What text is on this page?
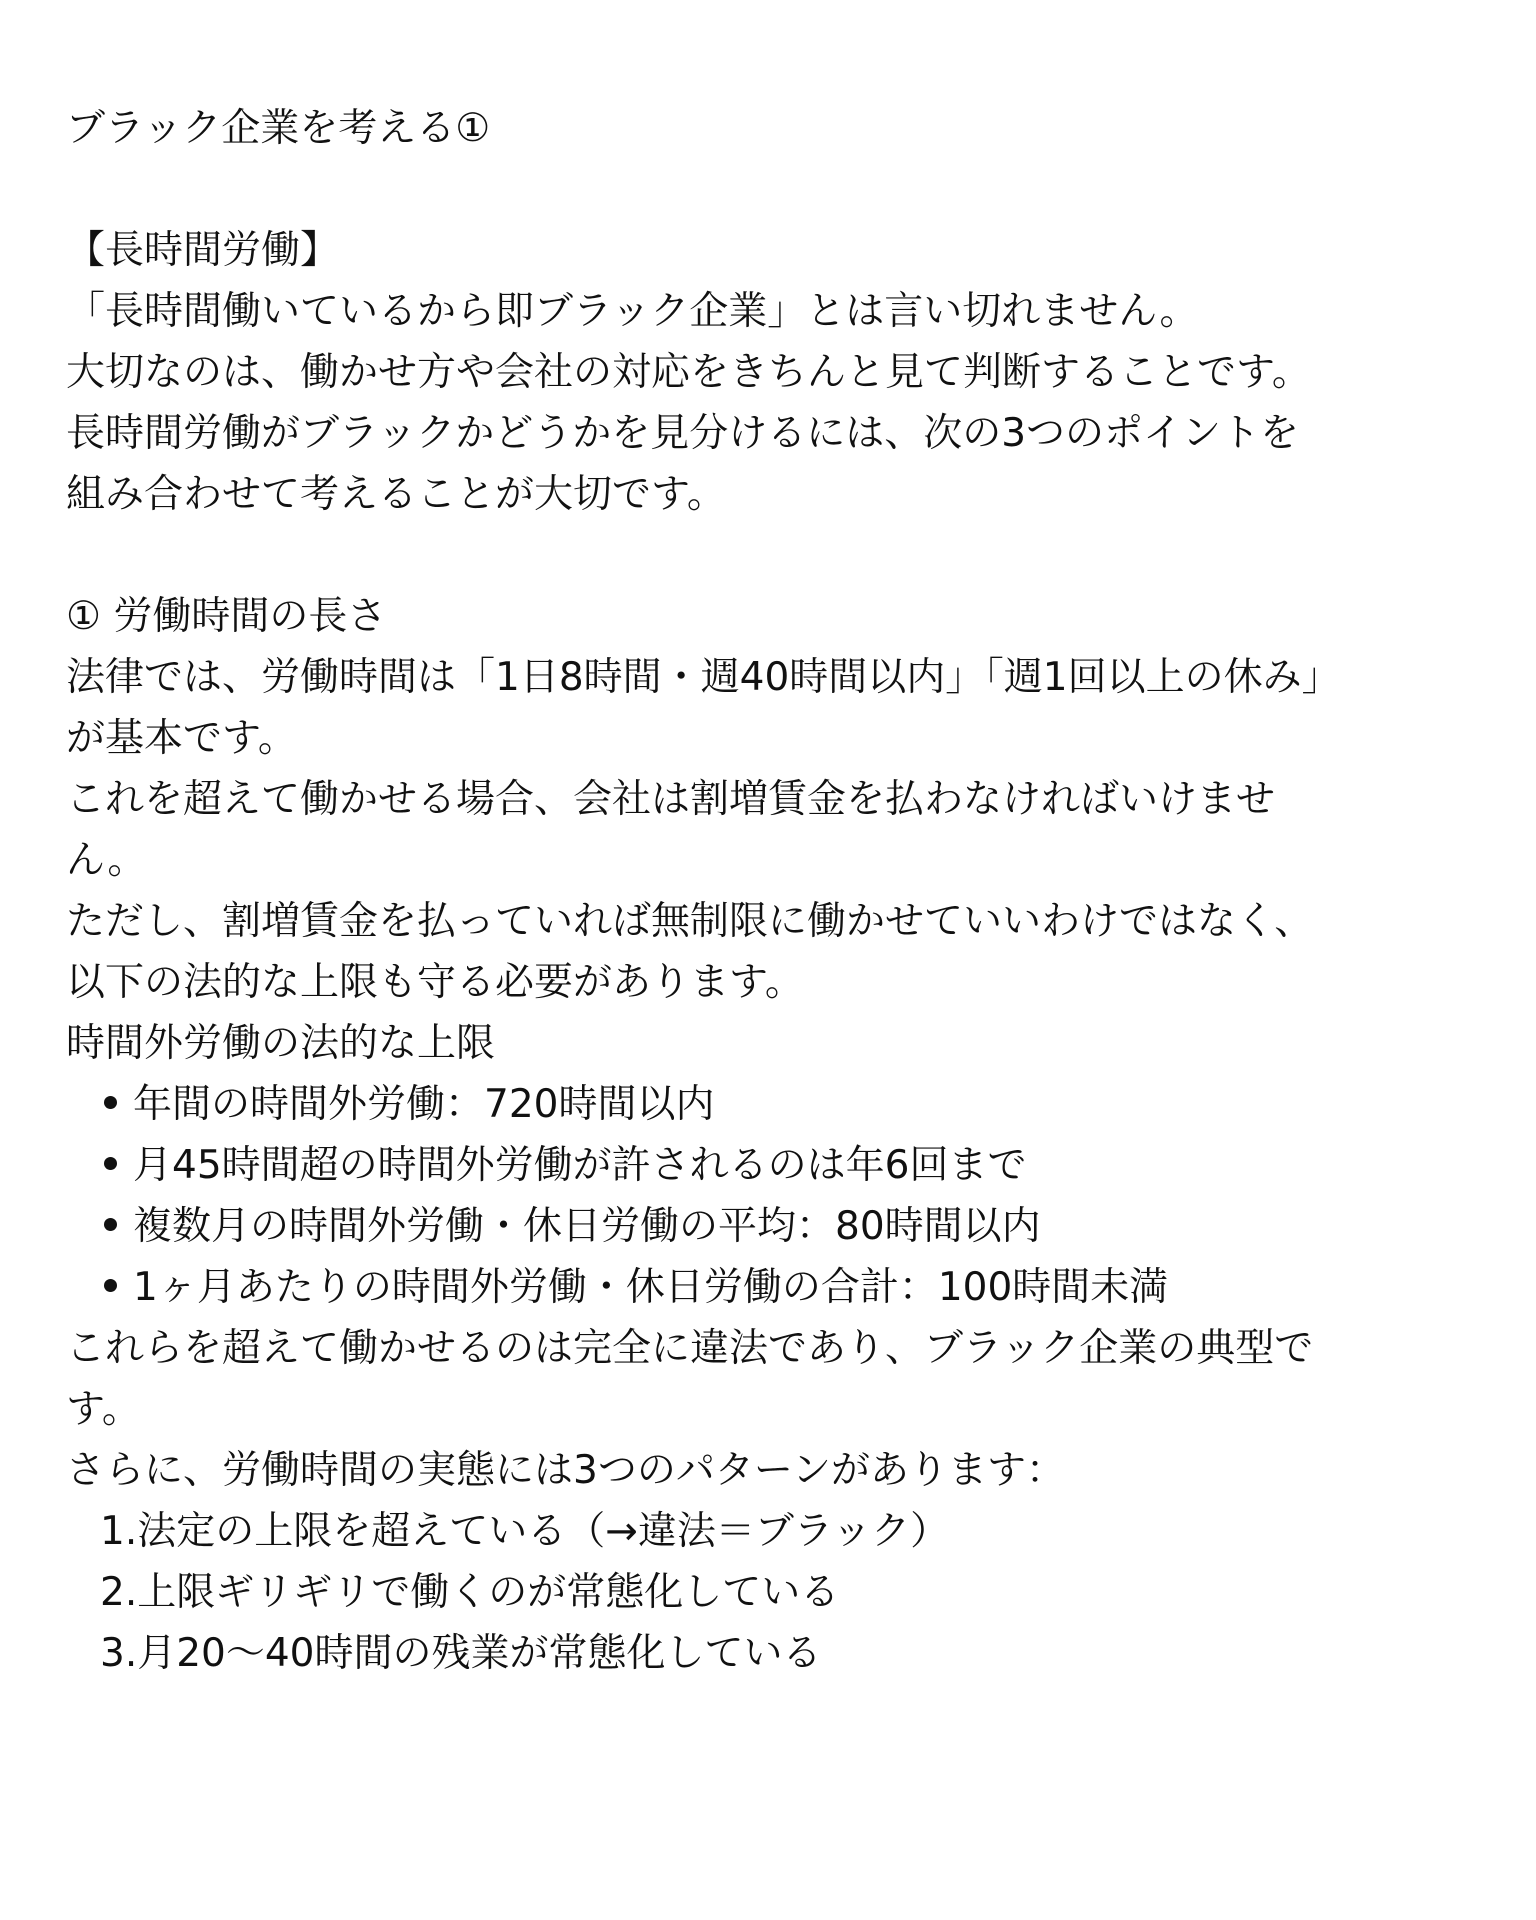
ブラック企業を考える①
【長時間労働】
「長時間働いているから即ブラック企業」とは言い切れません。
大切なのは、働かせ方や会社の対応をきちんと見て判断することです。
長時間労働がブラックかどうかを見分けるには、次の3つのポイントを
組み合わせて考えることが大切です。
① 労働時間の長さ
法律では、労働時間は「1日8時間・週40時間以内」「週1回以上の休み」
が基本です。
これを超えて働かせる場合、会社は割増賃金を払わなければいけませ
ん。
ただし、割増賃金を払っていれば無制限に働かせていいわけではなく、
以下の法的な上限も守る必要があります。
時間外労働の法的な上限
年間の時間外労働：720時間以内
月45時間超の時間外労働が許されるのは年6回まで
複数月の時間外労働・休日労働の平均：80時間以内
1ヶ月あたりの時間外労働・休日労働の合計：100時間未満
これらを超えて働かせるのは完全に違法であり、ブラック企業の典型で
す。
さらに、労働時間の実態には3つのパターンがあります：
1.法定の上限を超えている（→違法＝ブラック）
2.上限ギリギリで働くのが常態化している
3.月20〜40時間の残業が常態化している
